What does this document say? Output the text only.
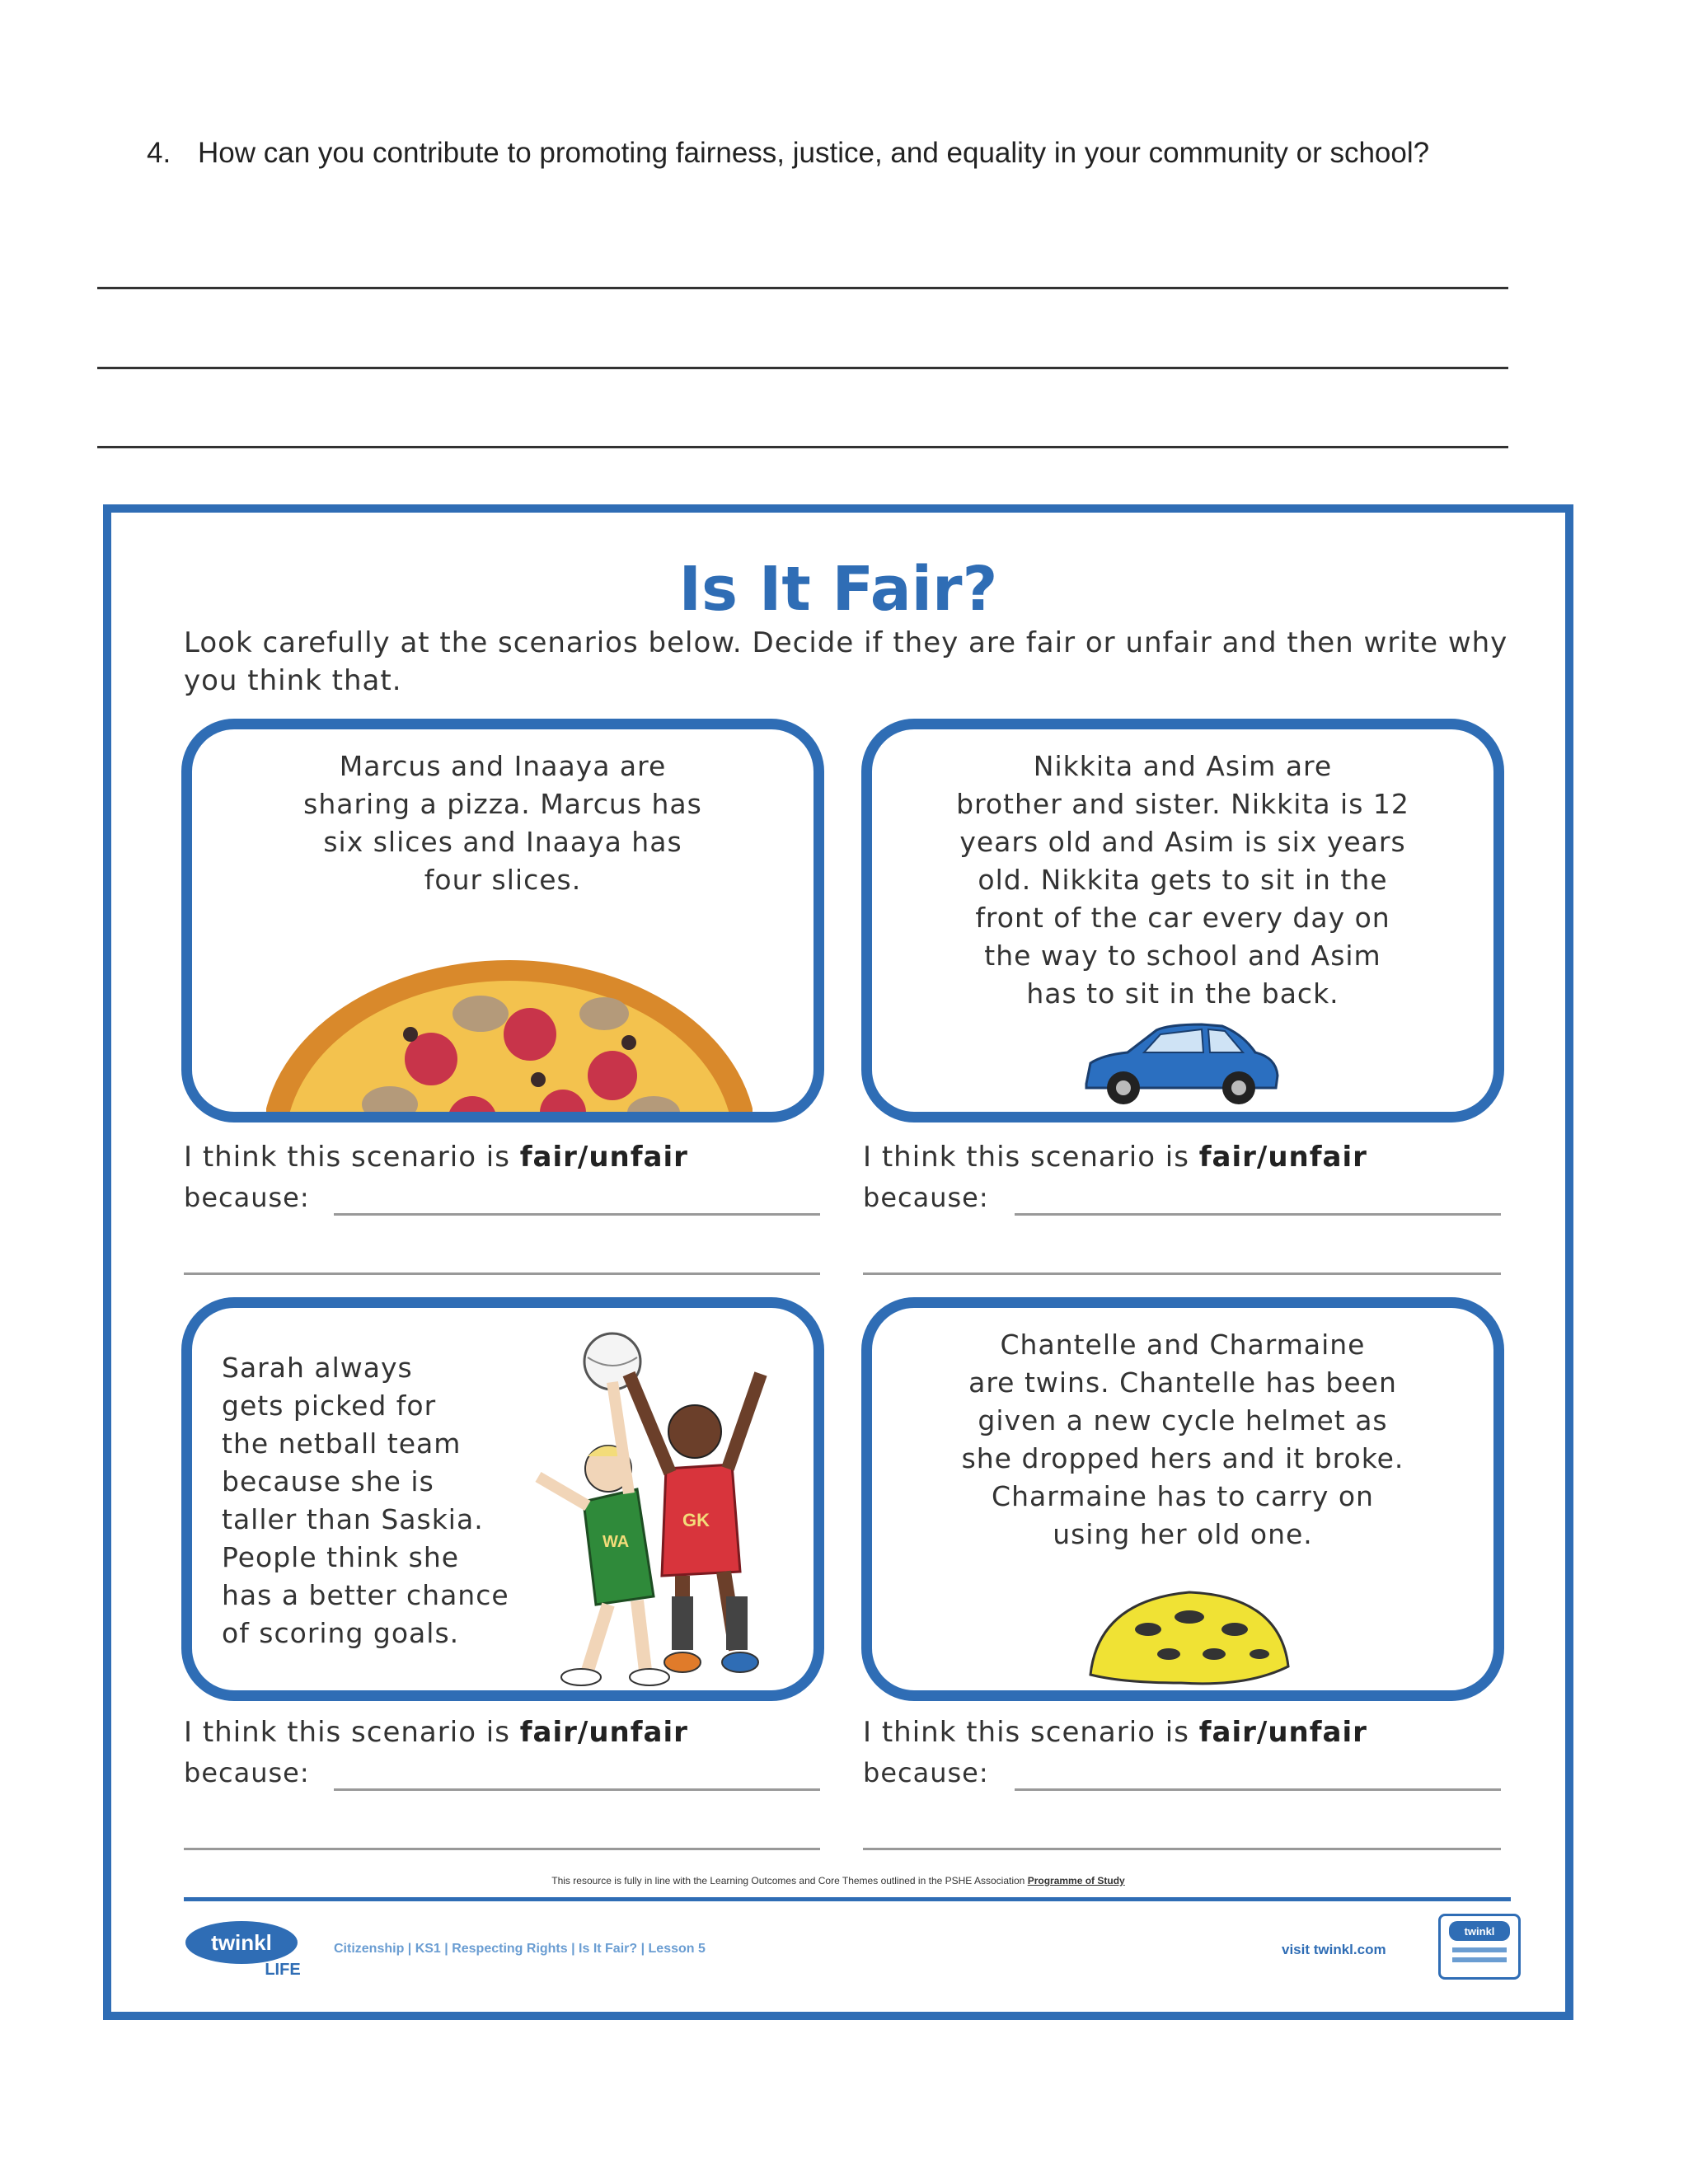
4. How can you contribute to promoting fairness, justice, and equality in your community or school?
Is It Fair?
Look carefully at the scenarios below. Decide if they are fair or unfair and then write why you think that.
Marcus and Inaaya are
sharing a pizza. Marcus has
six slices and Inaaya has
four slices.
Nikkita and Asim are
brother and sister. Nikkita is 12
years old and Asim is six years
old. Nikkita gets to sit in the
front of the car every day on
the way to school and Asim
has to sit in the back.
I think this scenario is fair/unfair
because:
I think this scenario is fair/unfair
because:
Sarah always
gets picked for
the netball team
because she is
taller than Saskia.
People think she
has a better chance
of scoring goals.
WA
GK
Chantelle and Charmaine
are twins. Chantelle has been
given a new cycle helmet as
she dropped hers and it broke.
Charmaine has to carry on
using her old one.
I think this scenario is fair/unfair
because:
I think this scenario is fair/unfair
because:
This resource is fully in line with the Learning Outcomes and Core Themes outlined in the PSHE Association Programme of Study
twinkl
LIFE
Citizenship | KS1 | Respecting Rights | Is It Fair? | Lesson 5	visit twinkl.com
twinkl
